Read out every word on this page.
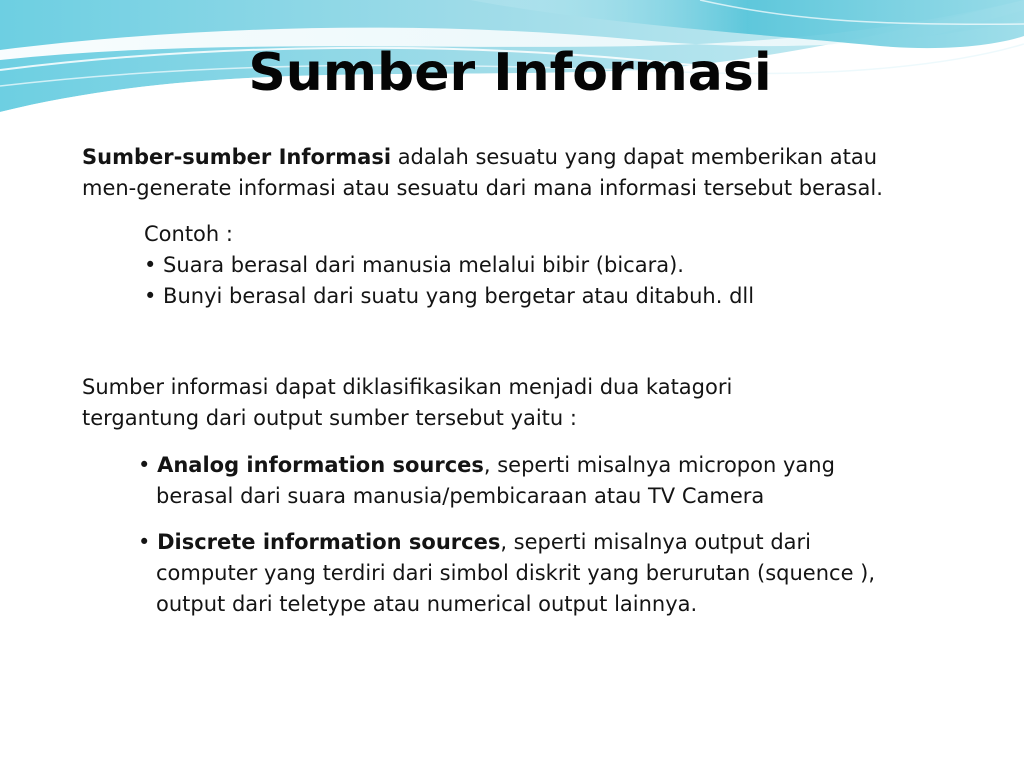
Sumber Informasi
Sumber-sumber Informasi adalah sesuatu yang dapat memberikan atau
men-generate informasi atau sesuatu dari mana informasi tersebut berasal.
Contoh :
• Suara berasal dari manusia melalui bibir (bicara).
• Bunyi berasal dari suatu yang bergetar atau ditabuh. dll
Sumber informasi dapat diklasifikasikan menjadi dua katagori
tergantung dari output sumber tersebut yaitu :
• Analog information sources, seperti misalnya micropon yang
berasal dari suara manusia/pembicaraan atau TV Camera
• Discrete information sources, seperti misalnya output dari
computer yang terdiri dari simbol diskrit yang berurutan (squence ),
output dari teletype atau numerical output lainnya.
